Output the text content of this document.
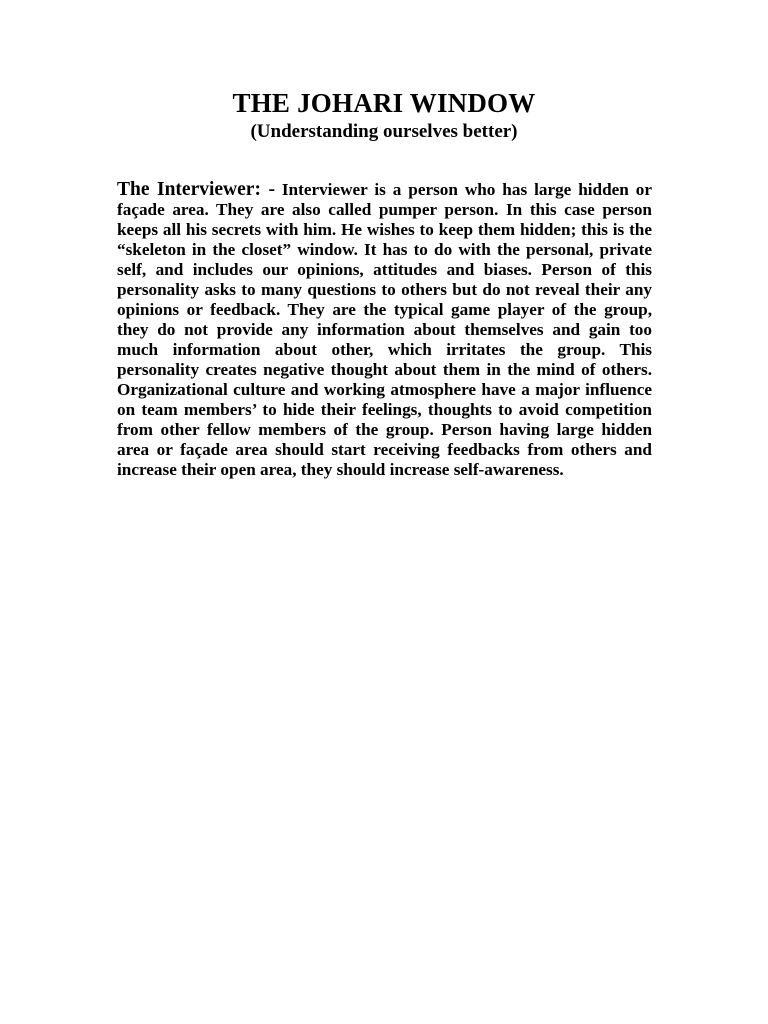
THE JOHARI WINDOW
(Understanding ourselves better)

The Interviewer: - Interviewer is a person who has large hidden or façade area. They are also called pumper person. In this case person keeps all his secrets with him. He wishes to keep them hidden; this is the “skeleton in the closet” window. It has to do with the personal, private self, and includes our opinions, attitudes and biases. Person of this personality asks to many questions to others but do not reveal their any opinions or feedback. They are the typical game player of the group, they do not provide any information about themselves and gain too much information about other, which irritates the group. This personality creates negative thought about them in the mind of others. Organizational culture and working atmosphere have a major influence on team members’ to hide their feelings, thoughts to avoid competition from other fellow members of the group. Person having large hidden area or façade area should start receiving feedbacks from others and increase their open area, they should increase self-awareness.
